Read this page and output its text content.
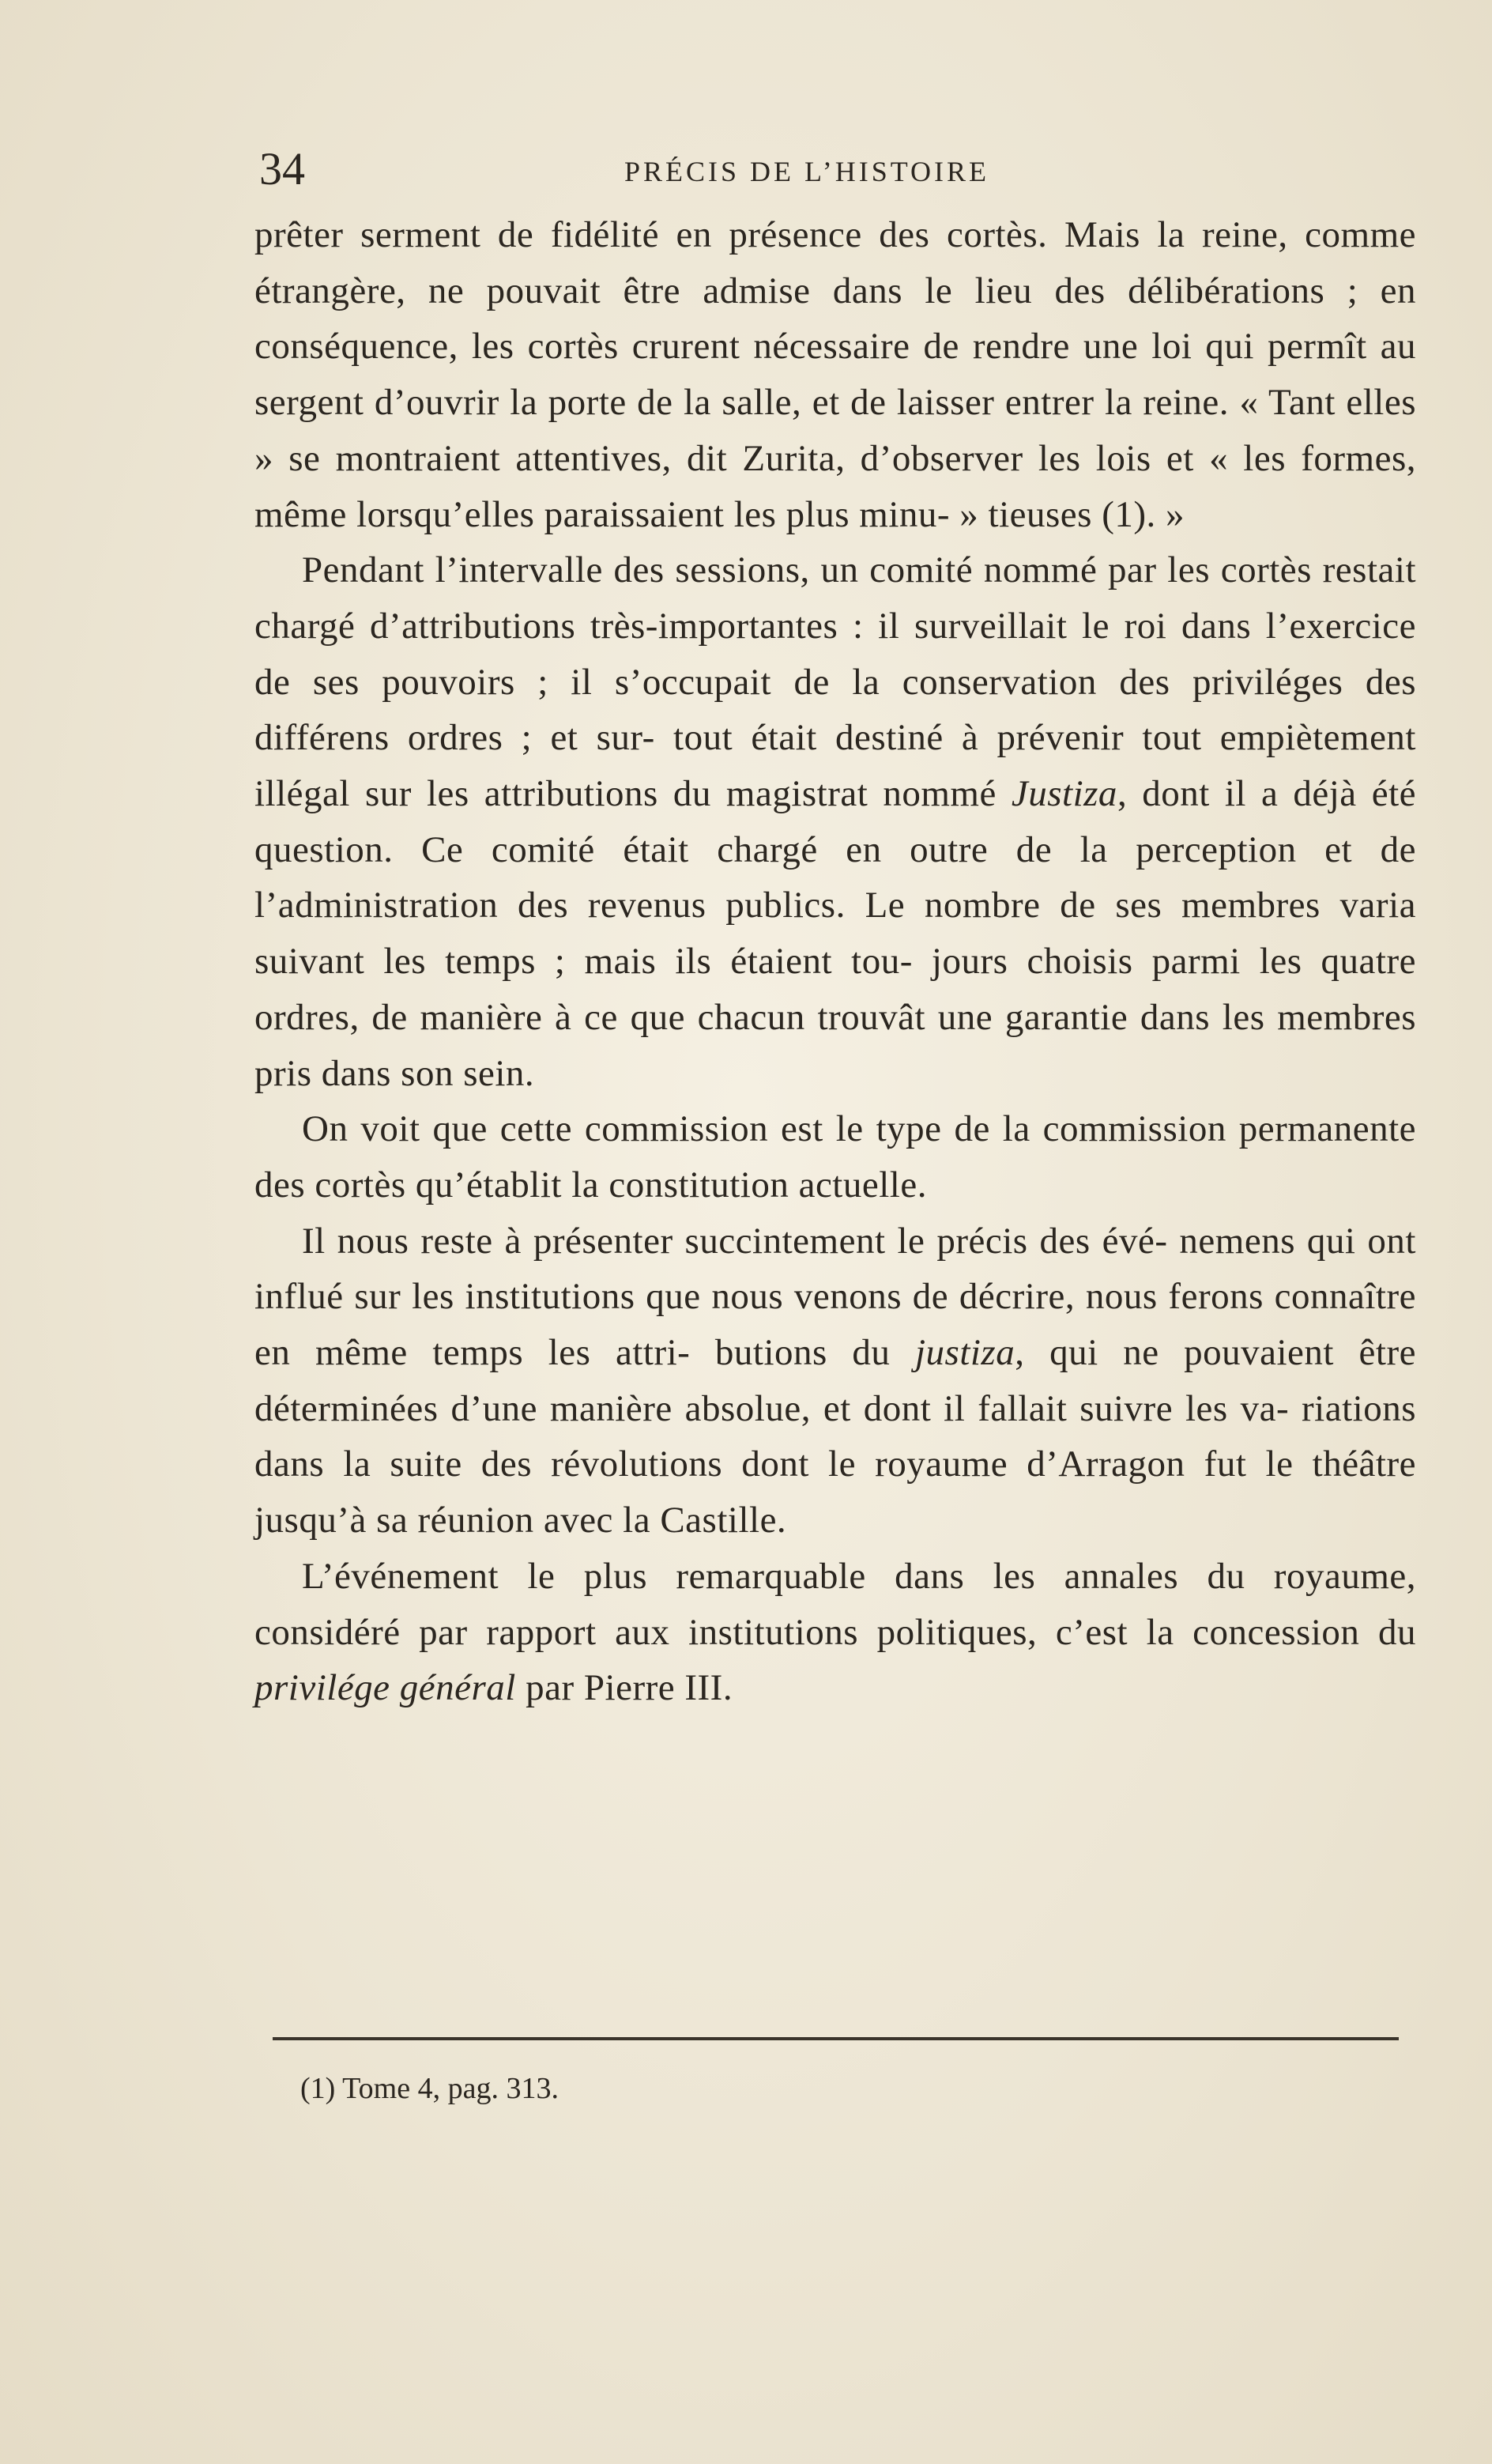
34	PRÉCIS DE L’HISTOIRE

prêter serment de fidélité en présence des cortès. Mais la reine, comme étrangère, ne pouvait être admise dans le lieu des délibérations ; en conséquence, les cortès crurent nécessaire de rendre une loi qui permît au sergent d’ouvrir la porte de la salle, et de laisser entrer la reine. « Tant elles » se montraient attentives, dit Zurita, d’observer les lois et « les formes, même lorsqu’elles paraissaient les plus minu- » tieuses (1). »

Pendant l’intervalle des sessions, un comité nommé par les cortès restait chargé d’attributions très-importantes : il surveillait le roi dans l’exercice de ses pouvoirs ; il s’occupait de la conservation des priviléges des différens ordres ; et sur- tout était destiné à prévenir tout empiètement illégal sur les attributions du magistrat nommé Justiza, dont il a déjà été question. Ce comité était chargé en outre de la perception et de l’administration des revenus publics. Le nombre de ses membres varia suivant les temps ; mais ils étaient tou- jours choisis parmi les quatre ordres, de manière à ce que chacun trouvât une garantie dans les membres pris dans son sein.

On voit que cette commission est le type de la commission permanente des cortès qu’établit la constitution actuelle.

Il nous reste à présenter succintement le précis des évé- nemens qui ont influé sur les institutions que nous venons de décrire, nous ferons connaître en même temps les attri- butions du justiza, qui ne pouvaient être déterminées d’une manière absolue, et dont il fallait suivre les va- riations dans la suite des révolutions dont le royaume d’Arragon fut le théâtre jusqu’à sa réunion avec la Castille.

L’événement le plus remarquable dans les annales du royaume, considéré par rapport aux institutions politiques, c’est la concession du privilége général par Pierre III.

(1) Tome 4, pag. 313.
